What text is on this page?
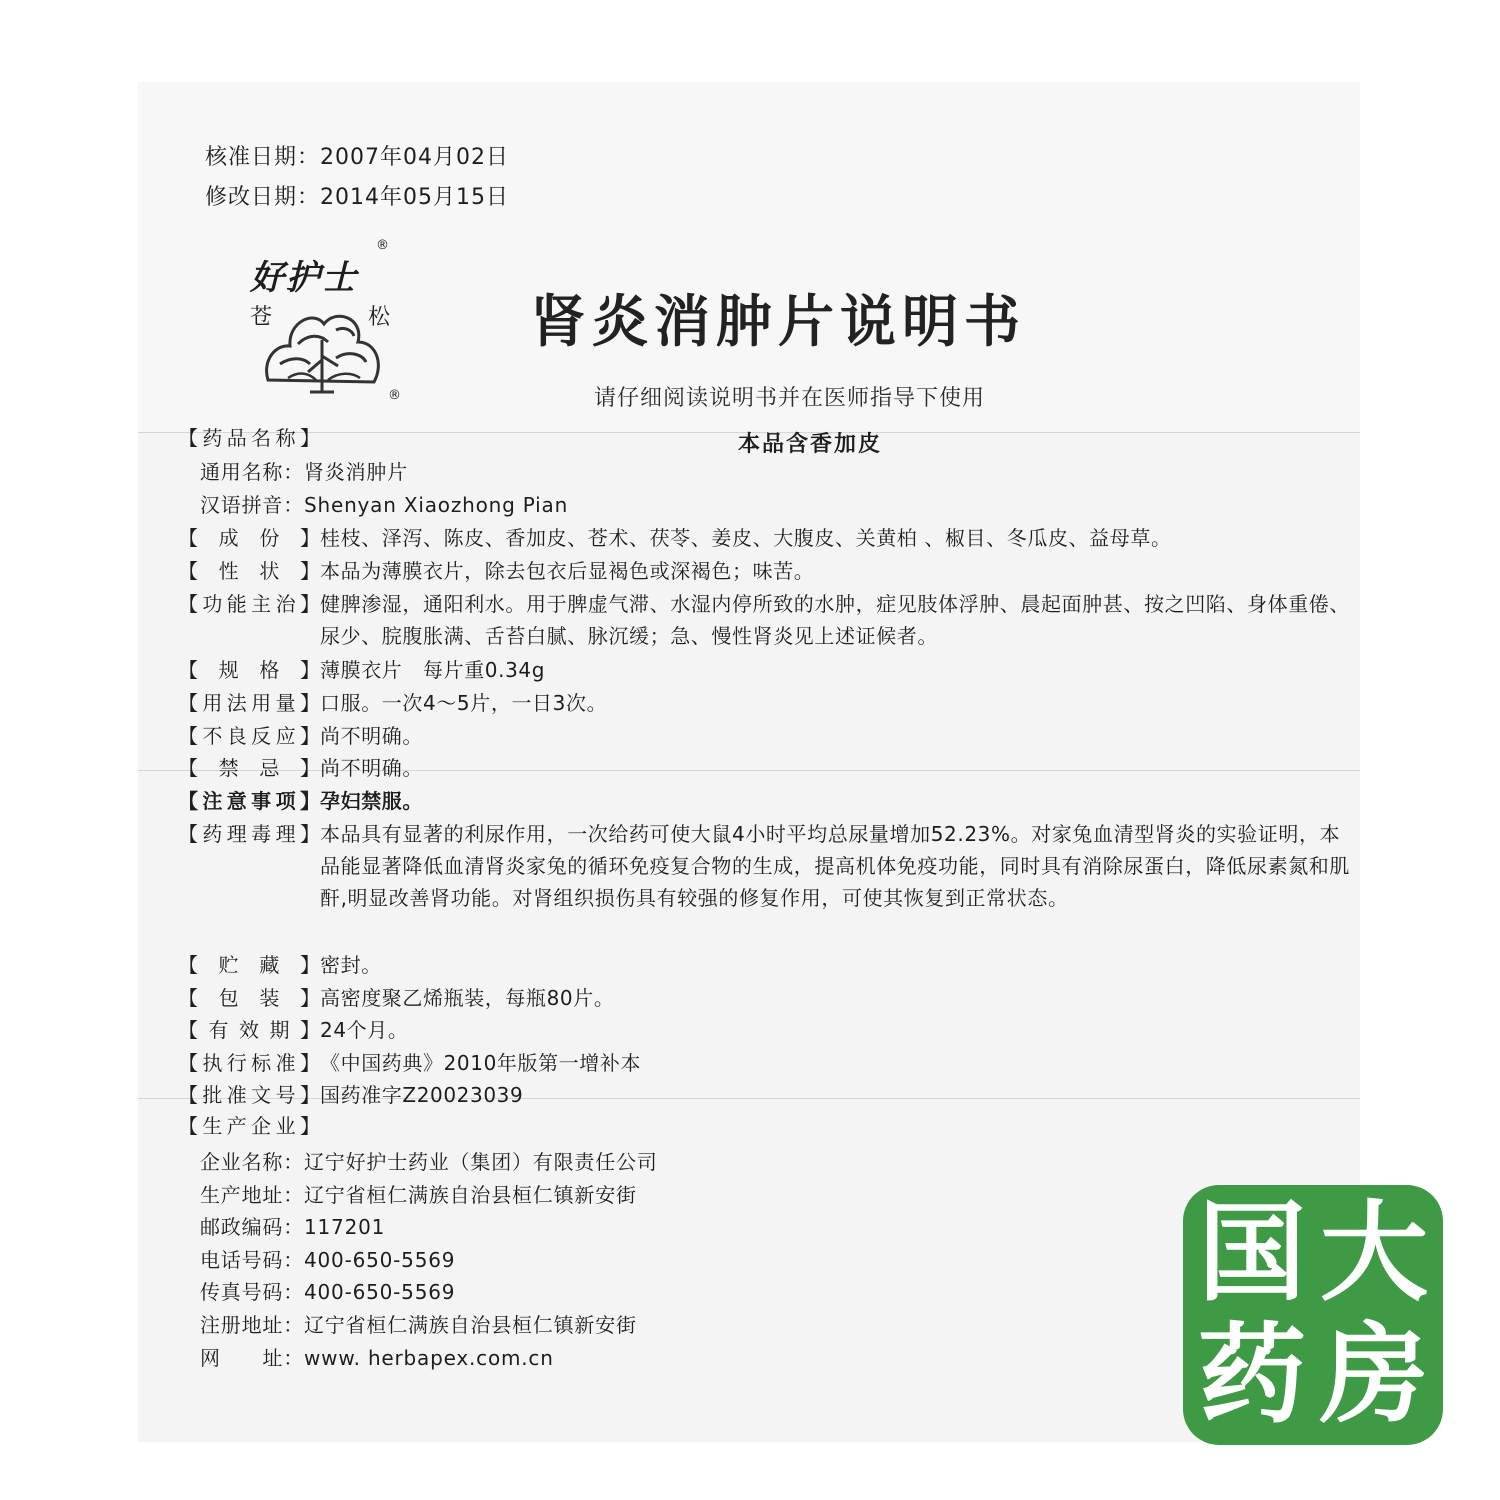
核准日期：2007年04月02日
修改日期：2014年05月15日
好护士
®
苍	松
®
肾炎消肿片说明书
请仔细阅读说明书并在医师指导下使用
本品含香加皮
【 药 品 名 称 】
通用名称：肾炎消肿片
汉语拼音：Shenyan Xiaozhong Pian
【 成 份 】 桂枝、泽泻、陈皮、香加皮、苍术、茯苓、姜皮、大腹皮、关黄柏 、椒目、冬瓜皮、益母草。
【 性 状 】 本品为薄膜衣片，除去包衣后显褐色或深褐色；味苦。
【 功 能 主 治 】 健脾渗湿，通阳利水。用于脾虚气滞、水湿内停所致的水肿，症见肢体浮肿、晨起面肿甚、按之凹陷、身体重倦、尿少、脘腹胀满、舌苔白腻、脉沉缓；急、慢性肾炎见上述证候者。
【 规 格 】 薄膜衣片　每片重0.34g
【 用 法 用 量 】 口服。一次4～5片，一日3次。
【 不 良 反 应 】 尚不明确。
【 禁 忌 】 尚不明确。
【 注 意 事 项 】 孕妇禁服。
【 药 理 毒 理 】 本品具有显著的利尿作用，一次给药可使大鼠4小时平均总尿量增加52.23%。对家兔血清型肾炎的实验证明，本品能显著降低血清肾炎家兔的循环免疫复合物的生成，提高机体免疫功能，同时具有消除尿蛋白，降低尿素氮和肌酐,明显改善肾功能。对肾组织损伤具有较强的修复作用，可使其恢复到正常状态。
【 贮 藏 】 密封。
【 包 装 】 高密度聚乙烯瓶装，每瓶80片。
【 有 效 期 】 24个月。
【 执 行 标 准 】 《中国药典》2010年版第一增补本
【 批 准 文 号 】 国药准字Z20023039
【 生 产 企 业 】
企业名称：辽宁好护士药业（集团）有限责任公司
生产地址：辽宁省桓仁满族自治县桓仁镇新安街
邮政编码：117201
电话号码：400-650-5569
传真号码：400-650-5569
注册地址：辽宁省桓仁满族自治县桓仁镇新安街
网　　址：www. herbapex.com.cn
国 大
药 房
